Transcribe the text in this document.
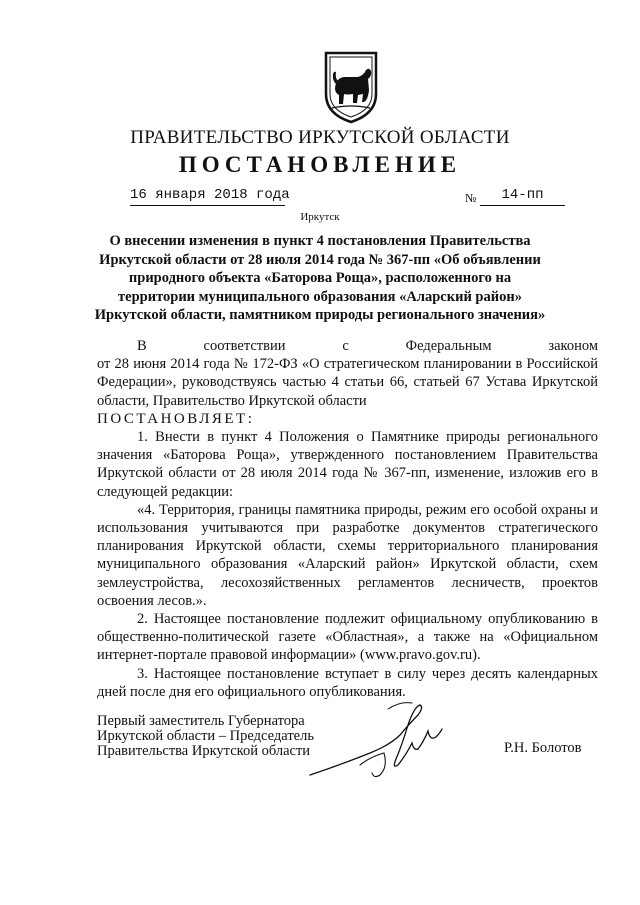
ПРАВИТЕЛЬСТВО ИРКУТСКОЙ ОБЛАСТИ
ПОСТАНОВЛЕНИЕ
16 января 2018 года	№	14-пп
Иркутск
О внесении изменения в пункт 4 постановления Правительства Иркутской области от 28 июля 2014 года № 367-пп «Об объявлении природного объекта «Баторова Роща», расположенного на территории муниципального образования «Аларский район» Иркутской области, памятником природы регионального значения»

В соответствии с Федеральным законом

от 28 июня 2014 года № 172-ФЗ «О стратегическом планировании в Российской Федерации», руководствуясь частью 4 статьи 66, статьей 67 Устава Иркутской области, Правительство Иркутской области

ПОСТАНОВЛЯЕТ:

1. Внести в пункт 4 Положения о Памятнике природы регионального значения «Баторова Роща», утвержденного постановлением Правительства Иркутской области от 28 июля 2014 года № 367-пп, изменение, изложив его в следующей редакции:

«4. Территория, границы памятника природы, режим его особой охраны и использования учитываются при разработке документов стратегического планирования Иркутской области, схемы территориального планирования муниципального образования «Аларский район» Иркутской области, схем землеустройства, лесохозяйственных регламентов лесничеств, проектов освоения лесов.».

2. Настоящее постановление подлежит официальному опубликованию в общественно-политической газете «Областная», а также на «Официальном интернет-портале правовой информации» (www.pravo.gov.ru).

3. Настоящее постановление вступает в силу через десять календарных дней после дня его официального опубликования.

Первый заместитель Губернатора
Иркутской области – Председатель
Правительства Иркутской области	Р.Н. Болотов
